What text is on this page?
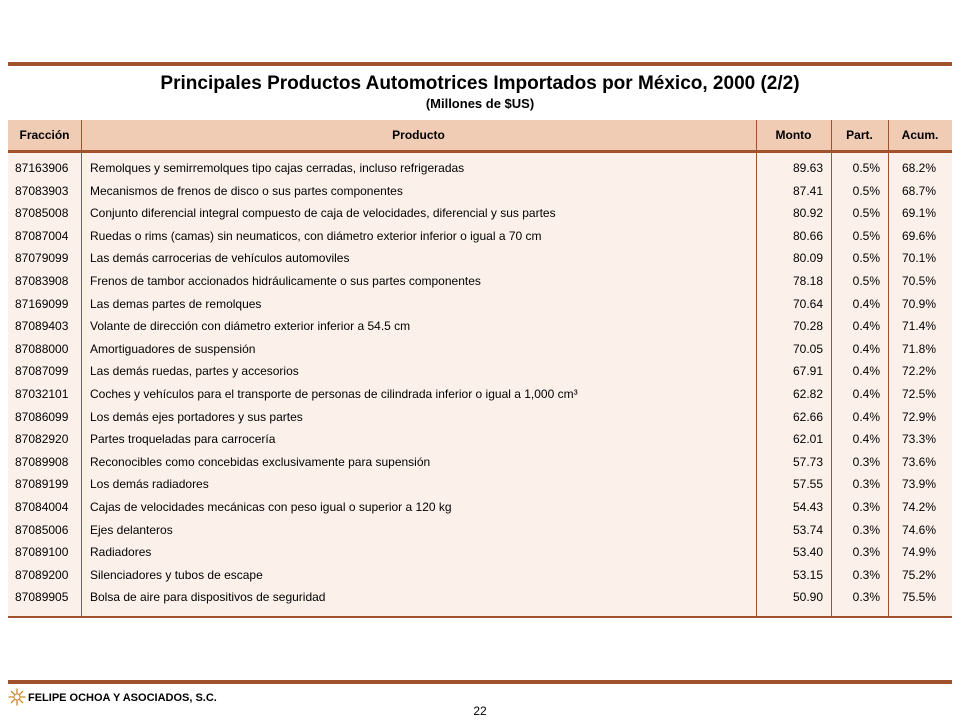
Principales Productos Automotrices Importados por México, 2000 (2/2)
(Millones de $US)
Fracción	Producto	Monto	Part.	Acum.
87163906	Remolques y semirremolques tipo cajas cerradas, incluso refrigeradas	89.63	0.5%	68.2%
87083903	Mecanismos de frenos de disco o sus partes componentes	87.41	0.5%	68.7%
87085008	Conjunto diferencial integral compuesto de caja de velocidades, diferencial y sus partes	80.92	0.5%	69.1%
87087004	Ruedas o rims (camas) sin neumaticos, con diámetro exterior inferior o igual a 70 cm	80.66	0.5%	69.6%
87079099	Las demás carrocerias de vehículos automoviles	80.09	0.5%	70.1%
87083908	Frenos de tambor accionados hidráulicamente o sus partes componentes	78.18	0.5%	70.5%
87169099	Las demas partes de remolques	70.64	0.4%	70.9%
87089403	Volante de dirección con diámetro exterior inferior a 54.5 cm	70.28	0.4%	71.4%
87088000	Amortiguadores de suspensión	70.05	0.4%	71.8%
87087099	Las demás ruedas, partes y accesorios	67.91	0.4%	72.2%
87032101	Coches y vehículos para el transporte de personas de cilindrada inferior o igual a 1,000 cm³	62.82	0.4%	72.5%
87086099	Los demás ejes portadores y sus partes	62.66	0.4%	72.9%
87082920	Partes troqueladas para carrocería	62.01	0.4%	73.3%
87089908	Reconocibles como concebidas exclusivamente para supensión	57.73	0.3%	73.6%
87089199	Los demás radiadores	57.55	0.3%	73.9%
87084004	Cajas de velocidades mecánicas con peso igual o superior a 120 kg	54.43	0.3%	74.2%
87085006	Ejes delanteros	53.74	0.3%	74.6%
87089100	Radiadores	53.40	0.3%	74.9%
87089200	Silenciadores y tubos de escape	53.15	0.3%	75.2%
87089905	Bolsa de aire para dispositivos de seguridad	50.90	0.3%	75.5%
FELIPE OCHOA Y ASOCIADOS, S.C.
22
